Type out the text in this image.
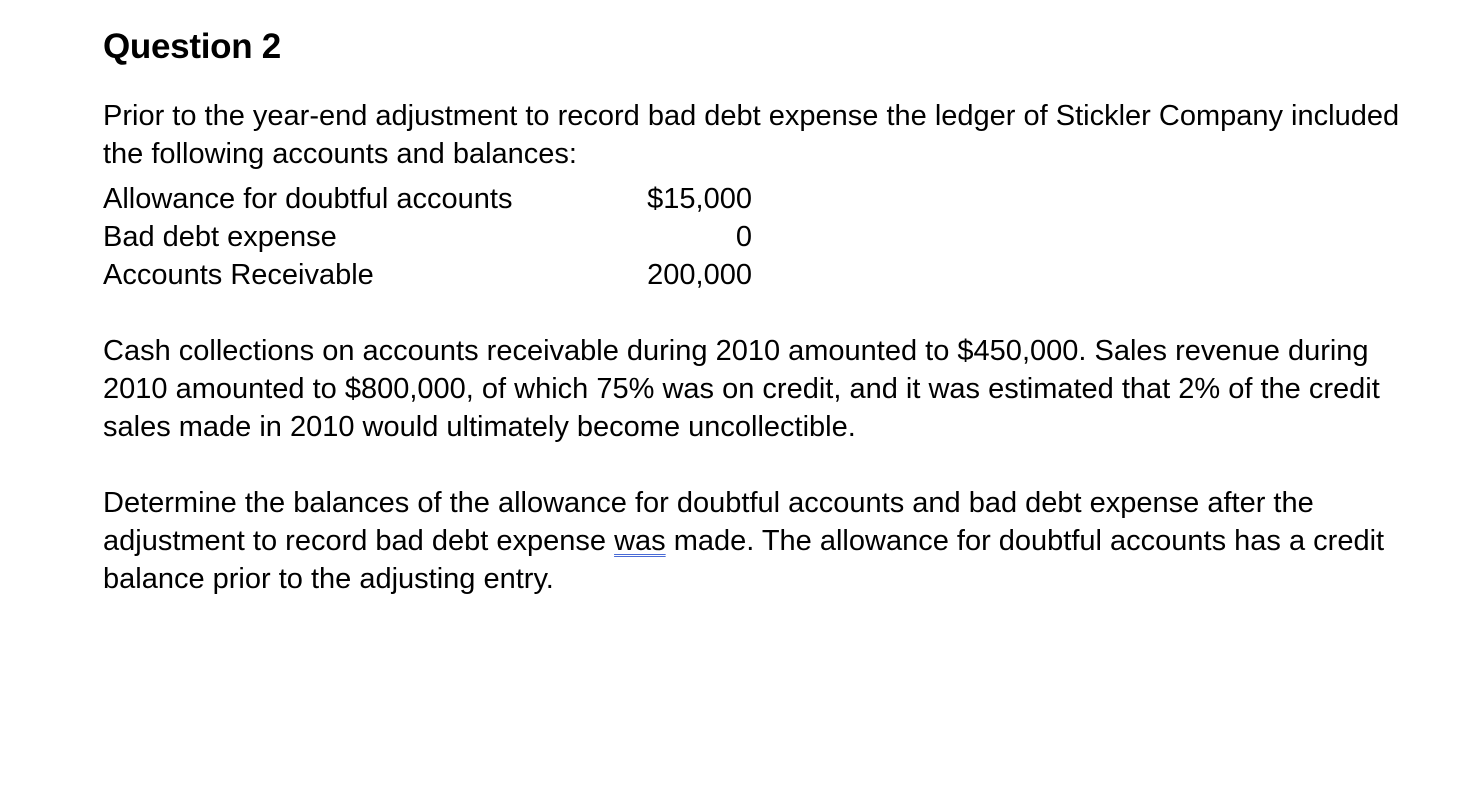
Question 2

Prior to the year-end adjustment to record bad debt expense the ledger of Stickler Company included the following accounts and balances:

Allowance for doubtful accounts	$15,000
Bad debt expense	0
Accounts Receivable	200,000

Cash collections on accounts receivable during 2010 amounted to $450,000. Sales revenue during 2010 amounted to $800,000, of which 75% was on credit, and it was estimated that 2% of the credit sales made in 2010 would ultimately become uncollectible.

Determine the balances of the allowance for doubtful accounts and bad debt expense after the adjustment to record bad debt expense was made. The allowance for doubtful accounts has a credit balance prior to the adjusting entry.
